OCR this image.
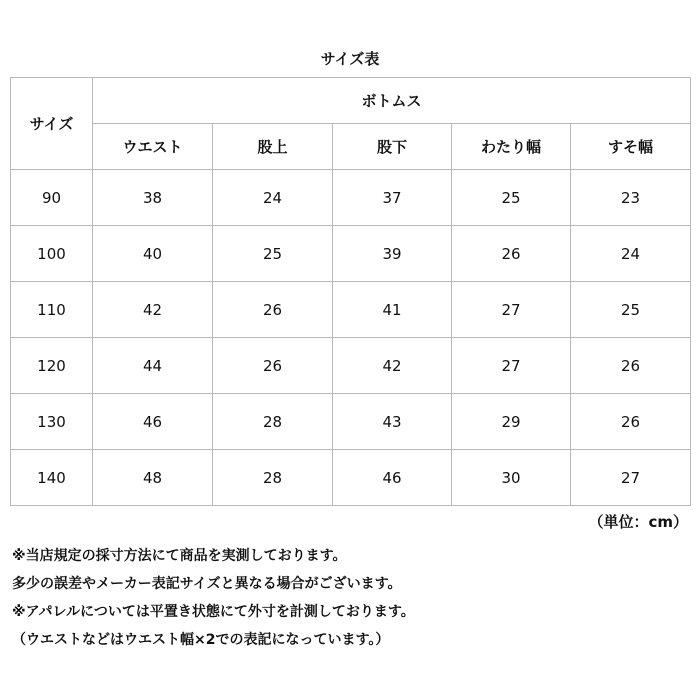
サイズ表
サイズ	ボトムス				
	ウエスト	股上	股下	わたり幅	すそ幅
90	38	24	37	25	23
100	40	25	39	26	24
110	42	26	41	27	25
120	44	26	42	27	26
130	46	28	43	29	26
140	48	28	46	30	27
（単位：cm）
※当店規定の採寸方法にて商品を実測しております。
多少の誤差やメーカー表記サイズと異なる場合がございます。
※アパレルについては平置き状態にて外寸を計測しております。
（ウエストなどはウエスト幅×2での表記になっています。）
